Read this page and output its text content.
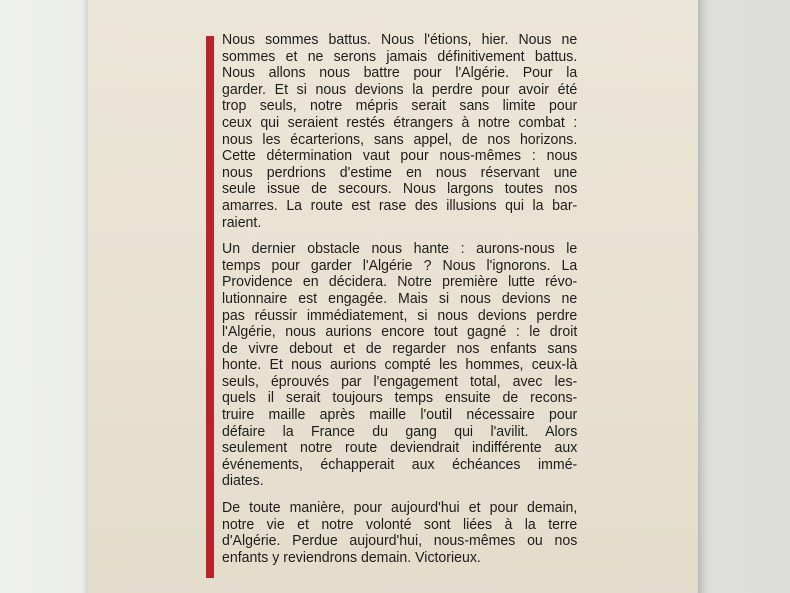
Nous sommes battus. Nous l'étions, hier. Nous ne
sommes et ne serons jamais définitivement battus.
Nous allons nous battre pour l'Algérie. Pour la
garder. Et si nous devions la perdre pour avoir été
trop seuls, notre mépris serait sans limite pour
ceux qui seraient restés étrangers à notre combat :
nous les écarterions, sans appel, de nos horizons.
Cette détermination vaut pour nous-mêmes : nous
nous perdrions d'estime en nous réservant une
seule issue de secours. Nous largons toutes nos
amarres. La route est rase des illusions qui la bar-
raient.

Un dernier obstacle nous hante : aurons-nous le
temps pour garder l'Algérie ? Nous l'ignorons. La
Providence en décidera. Notre première lutte révo-
lutionnaire est engagée. Mais si nous devions ne
pas réussir immédiatement, si nous devions perdre
l'Algérie, nous aurions encore tout gagné : le droit
de vivre debout et de regarder nos enfants sans
honte. Et nous aurions compté les hommes, ceux-là
seuls, éprouvés par l'engagement total, avec les-
quels il serait toujours temps ensuite de recons-
truire maille après maille l'outil nécessaire pour
défaire la France du gang qui l'avilit. Alors
seulement notre route deviendrait indifférente aux
événements, échapperait aux échéances immé-
diates.

De toute manière, pour aujourd'hui et pour demain,
notre vie et notre volonté sont liées à la terre
d'Algérie. Perdue aujourd'hui, nous-mêmes ou nos
enfants y reviendrons demain. Victorieux.
